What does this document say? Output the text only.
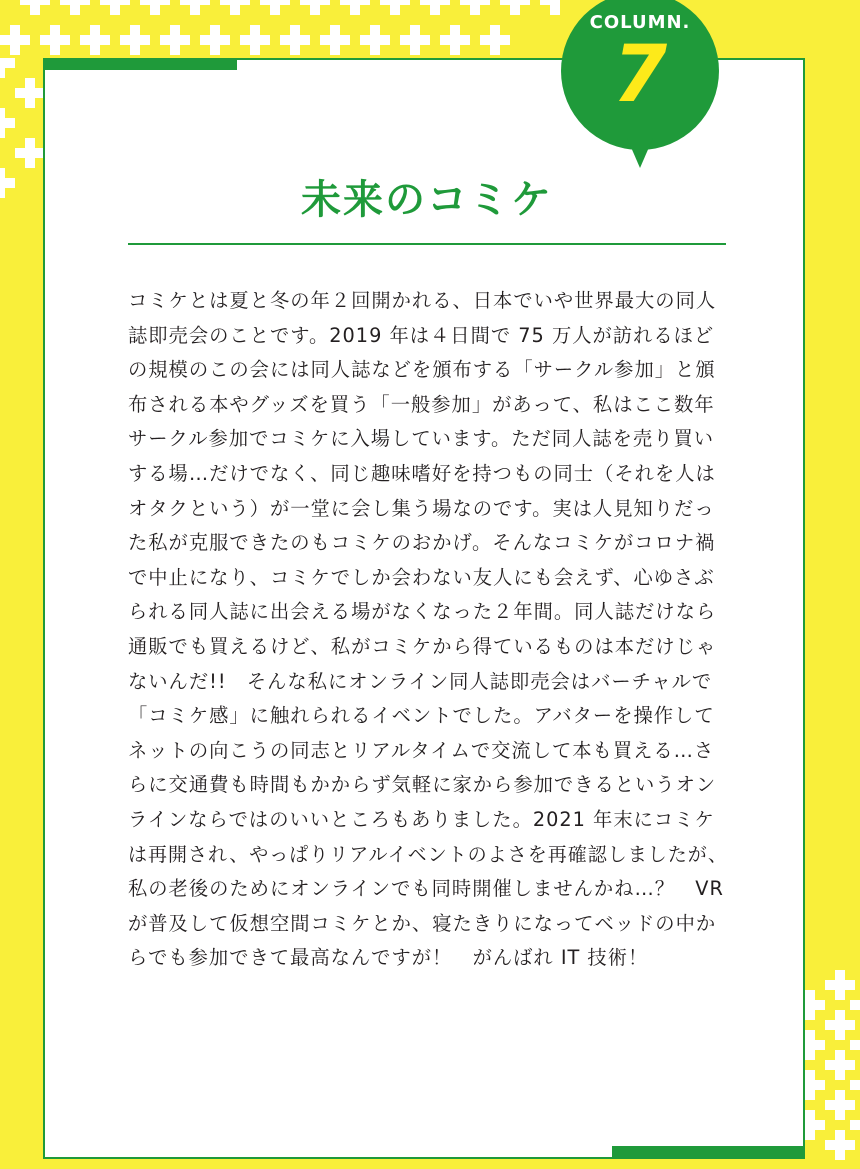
COLUMN.
7
未来のコミケ

コミケとは夏と冬の年２回開かれる、日本でいや世界最大の同人
誌即売会のことです。2019 年は４日間で 75 万人が訪れるほど
の規模のこの会には同人誌などを頒布する「サークル参加」と頒
布される本やグッズを買う「一般参加」があって、私はここ数年
サークル参加でコミケに入場しています。ただ同人誌を売り買い
する場…だけでなく、同じ趣味嗜好を持つもの同士（それを人は
オタクという）が一堂に会し集う場なのです。実は人見知りだっ
た私が克服できたのもコミケのおかげ。そんなコミケがコロナ禍
で中止になり、コミケでしか会わない友人にも会えず、心ゆさぶ
られる同人誌に出会える場がなくなった２年間。同人誌だけなら
通販でも買えるけど、私がコミケから得ているものは本だけじゃ
ないんだ!!　そんな私にオンライン同人誌即売会はバーチャルで
「コミケ感」に触れられるイベントでした。アバターを操作して
ネットの向こうの同志とリアルタイムで交流して本も買える…さ
らに交通費も時間もかからず気軽に家から参加できるというオン
ラインならではのいいところもありました。2021 年末にコミケ
は再開され、やっぱりリアルイベントのよさを再確認しましたが、
私の老後のためにオンラインでも同時開催しませんかね…？　VR
が普及して仮想空間コミケとか、寝たきりになってベッドの中か
らでも参加できて最高なんですが！　がんばれ IT 技術！
